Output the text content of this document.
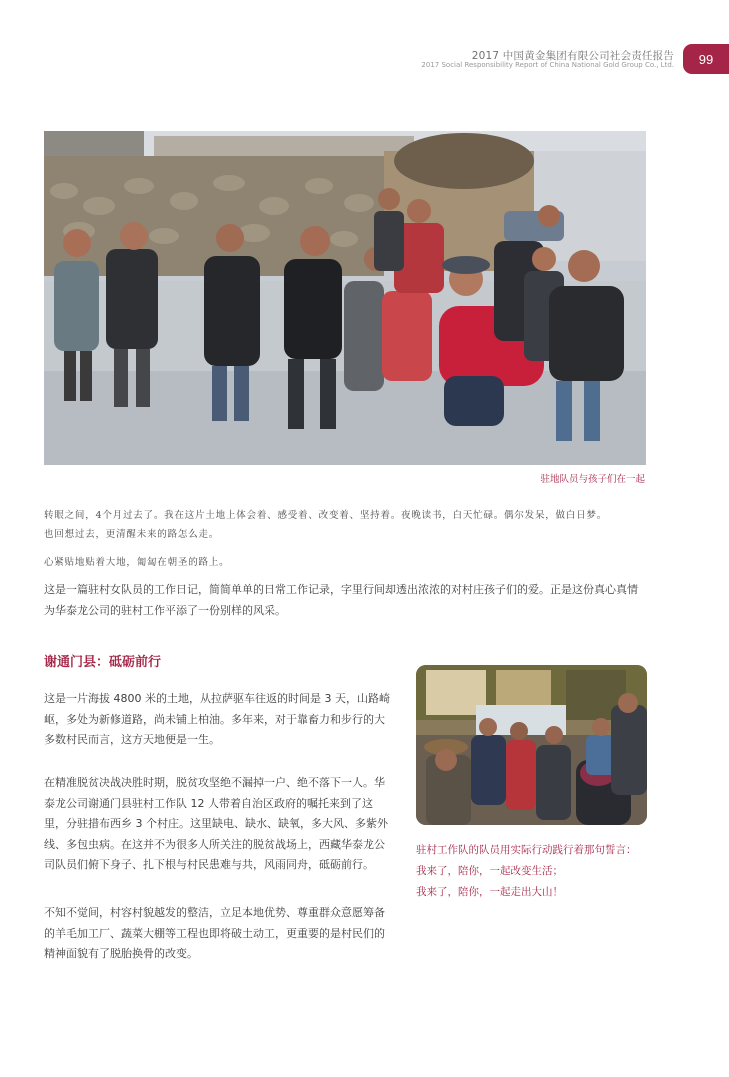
2017 中国黄金集团有限公司社会责任报告
2017 Social Responsibility Report of China National Gold Group Co., Ltd.	99
驻地队员与孩子们在一起
转眼之间，4个月过去了。我在这片土地上体会着、感受着、改变着、坚持着。夜晚读书，白天忙碌。偶尔发呆，做白日梦。
也回想过去，更清醒未来的路怎么走。
心紧贴地贴着大地，匍匐在朝圣的路上。
这是一篇驻村女队员的工作日记，简简单单的日常工作记录，字里行间却透出浓浓的对村庄孩子们的爱。正是这份真心真情为华泰龙公司的驻村工作平添了一份别样的风采。
谢通门县：砥砺前行
这是一片海拔 4800 米的土地，从拉萨驱车往返的时间是 3 天，山路崎岖，多处为新修道路，尚未铺上柏油。多年来，对于靠畜力和步行的大多数村民而言，这方天地便是一生。
在精准脱贫决战决胜时期，脱贫攻坚绝不漏掉一户、绝不落下一人。华泰龙公司谢通门县驻村工作队 12 人带着自治区政府的嘱托来到了这里，分驻措布西乡 3 个村庄。这里缺电、缺水、缺氧，多大风、多紫外线、多包虫病。在这并不为很多人所关注的脱贫战场上，西藏华泰龙公司队员们俯下身子、扎下根与村民患难与共，风雨同舟，砥砺前行。
不知不觉间，村容村貌越发的整洁，立足本地优势、尊重群众意愿筹备的羊毛加工厂、蔬菜大棚等工程也即将破土动工，更重要的是村民们的精神面貌有了脱胎换骨的改变。
驻村工作队的队员用实际行动践行着那句誓言：
我来了，陪你，一起改变生活；
我来了，陪你，一起走出大山！
